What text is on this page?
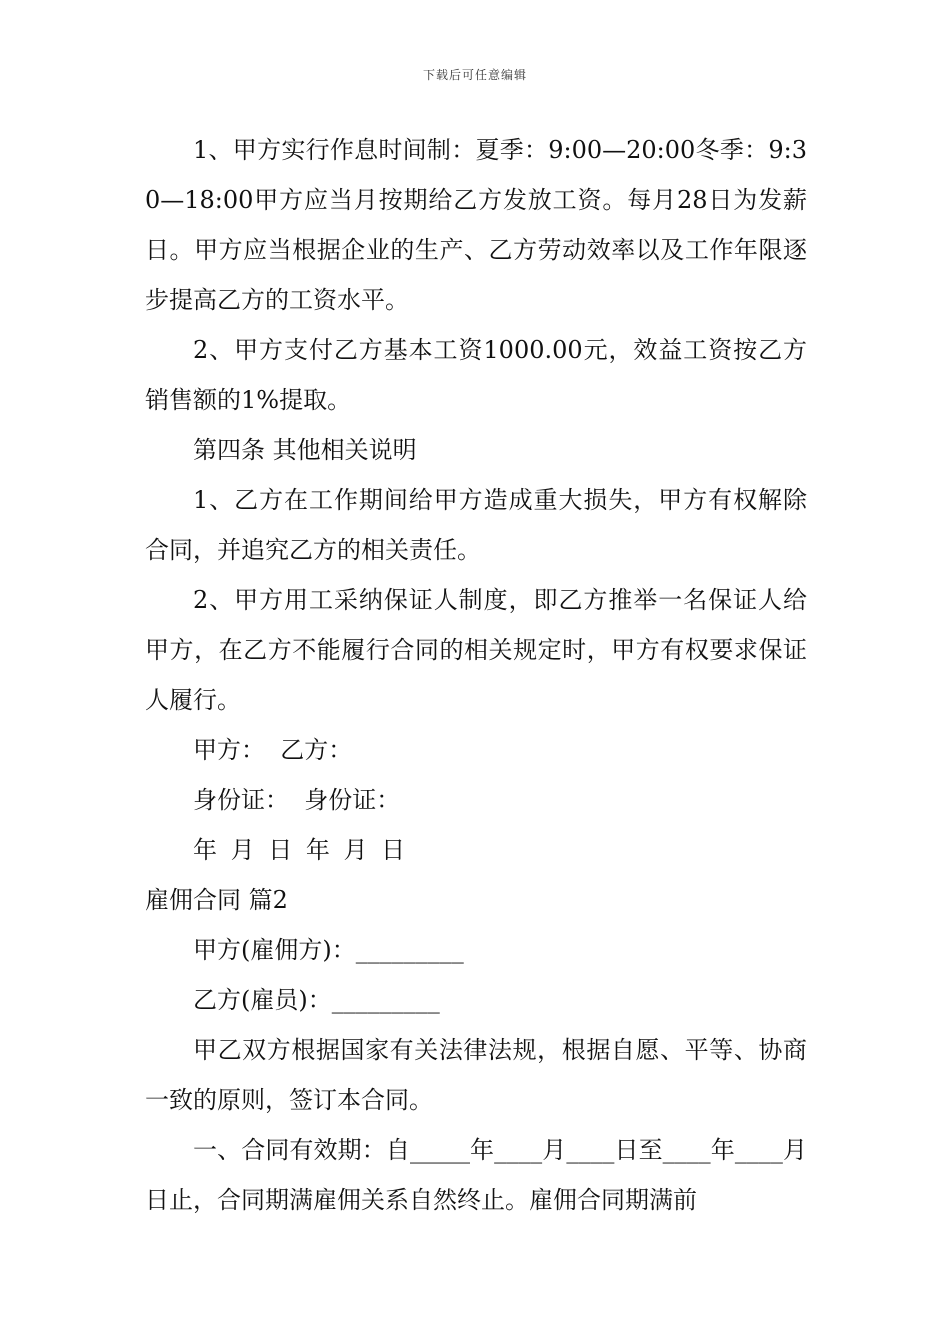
下载后可任意编辑

1、甲方实行作息时间制：夏季：9:00—20:00冬季：9:30—18:00甲方应当月按期给乙方发放工资。每月28日为发薪日。甲方应当根据企业的生产、乙方劳动效率以及工作年限逐步提高乙方的工资水平。

2、甲方支付乙方基本工资1000.00元，效益工资按乙方销售额的1%提取。

第四条 其他相关说明

1、乙方在工作期间给甲方造成重大损失，甲方有权解除合同，并追究乙方的相关责任。

2、甲方用工采纳保证人制度，即乙方推举一名保证人给甲方，在乙方不能履行合同的相关规定时，甲方有权要求保证人履行。

甲方：  乙方：

身份证：  身份证：

年 月 日 年 月 日

雇佣合同 篇2

甲方(雇佣方)：_________

乙方(雇员)：_________

甲乙双方根据国家有关法律法规，根据自愿、平等、协商一致的原则，签订本合同。

一、合同有效期：自_____年____月____日至____年____月日止，合同期满雇佣关系自然终止。雇佣合同期满前
